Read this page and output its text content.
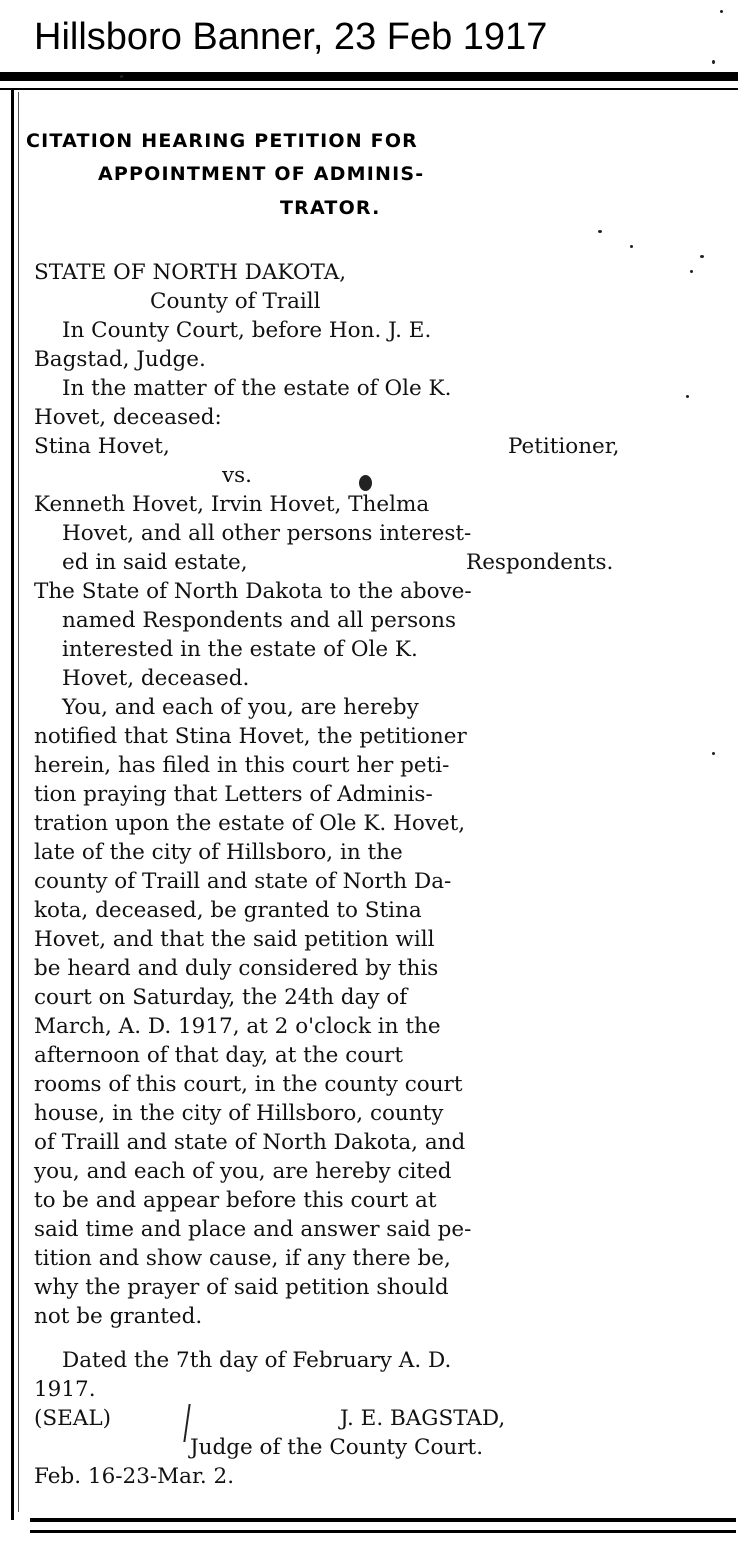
Hillsboro Banner, 23 Feb 1917
CITATION HEARING PETITION FOR
APPOINTMENT OF ADMINIS-
TRATOR.
STATE OF NORTH DAKOTA,
County of Traill
In County Court, before Hon. J. E.
Bagstad, Judge.
In the matter of the estate of Ole K.
Hovet, deceased:
Stina Hovet,	Petitioner,
vs.
Kenneth Hovet, Irvin Hovet, Thelma
Hovet, and all other persons interest-
ed in said estate,	Respondents.
The State of North Dakota to the above-
named Respondents and all persons
interested in the estate of Ole K.
Hovet, deceased.
You, and each of you, are hereby
notified that Stina Hovet, the petitioner
herein, has filed in this court her peti-
tion praying that Letters of Adminis-
tration upon the estate of Ole K. Hovet,
late of the city of Hillsboro, in the
county of Traill and state of North Da-
kota, deceased, be granted to Stina
Hovet, and that the said petition will
be heard and duly considered by this
court on Saturday, the 24th day of
March, A. D. 1917, at 2 o'clock in the
afternoon of that day, at the court
rooms of this court, in the county court
house, in the city of Hillsboro, county
of Traill and state of North Dakota, and
you, and each of you, are hereby cited
to be and appear before this court at
said time and place and answer said pe-
tition and show cause, if any there be,
why the prayer of said petition should
not be granted.
Dated the 7th day of February A. D.
1917.
(SEAL)	J. E. BAGSTAD,
Judge of the County Court.
Feb. 16-23-Mar. 2.
